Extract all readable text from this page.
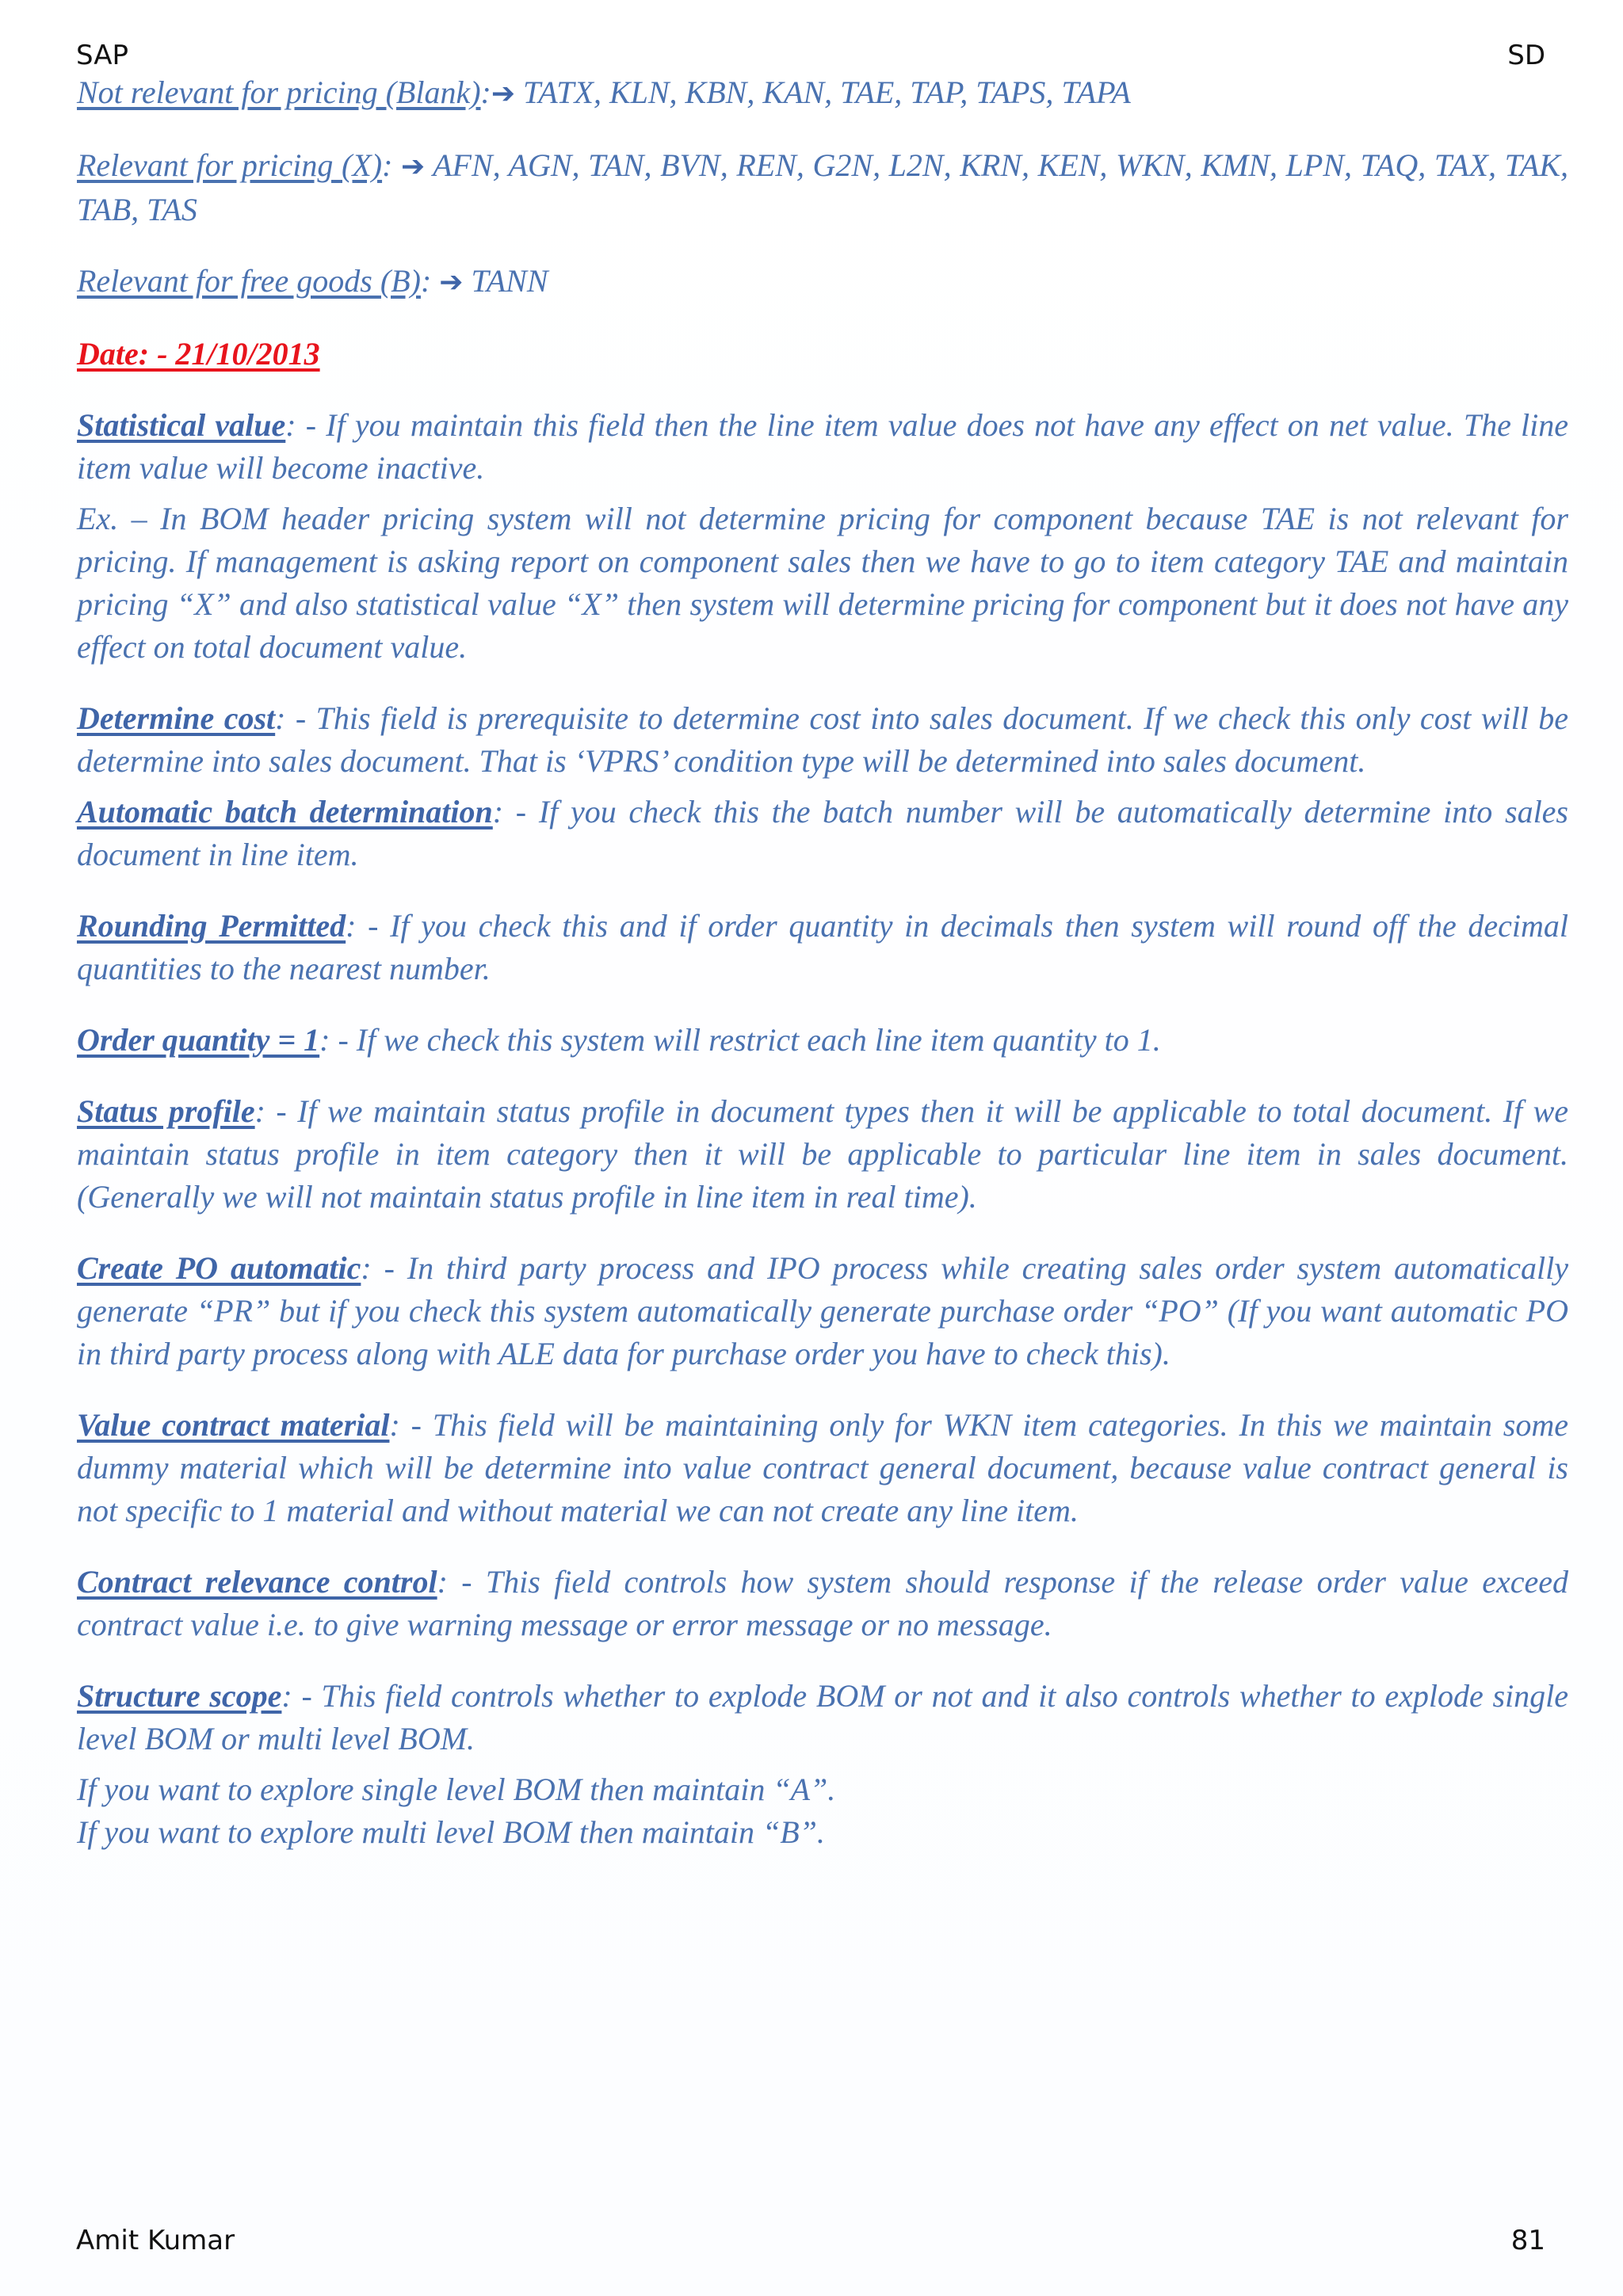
SAP	SD

Not relevant for pricing (Blank):➔ TATX, KLN, KBN, KAN, TAE, TAP, TAPS, TAPA

Relevant for pricing (X): ➔ AFN, AGN, TAN, BVN, REN, G2N, L2N, KRN, KEN, WKN, KMN, LPN, TAQ, TAX, TAK, TAB, TAS

Relevant for free goods (B): ➔ TANN

Date: - 21/10/2013

Statistical value: - If you maintain this field then the line item value does not have any effect on net value. The line item value will become inactive.

Ex. – In BOM header pricing system will not determine pricing for component because TAE is not relevant for pricing. If management is asking report on component sales then we have to go to item category TAE and maintain pricing “X” and also statistical value “X” then system will determine pricing for component but it does not have any effect on total document value.

Determine cost: - This field is prerequisite to determine cost into sales document. If we check this only cost will be determine into sales document. That is ‘VPRS’ condition type will be determined into sales document.

Automatic batch determination: - If you check this the batch number will be automatically determine into sales document in line item.

Rounding Permitted: - If you check this and if order quantity in decimals then system will round off the decimal quantities to the nearest number.

Order quantity = 1: - If we check this system will restrict each line item quantity to 1.

Status profile: - If we maintain status profile in document types then it will be applicable to total document. If we maintain status profile in item category then it will be applicable to particular line item in sales document. (Generally we will not maintain status profile in line item in real time).

Create PO automatic: - In third party process and IPO process while creating sales order system automatically generate “PR” but if you check this system automatically generate purchase order “PO” (If you want automatic PO in third party process along with ALE data for purchase order you have to check this).

Value contract material: - This field will be maintaining only for WKN item categories. In this we maintain some dummy material which will be determine into value contract general document, because value contract general is not specific to 1 material and without material we can not create any line item.

Contract relevance control: - This field controls how system should response if the release order value exceed contract value i.e. to give warning message or error message or no message.

Structure scope: - This field controls whether to explode BOM or not and it also controls whether to explode single level BOM or multi level BOM.

If you want to explore single level BOM then maintain “A”.

If you want to explore multi level BOM then maintain “B”.

Amit Kumar	81
